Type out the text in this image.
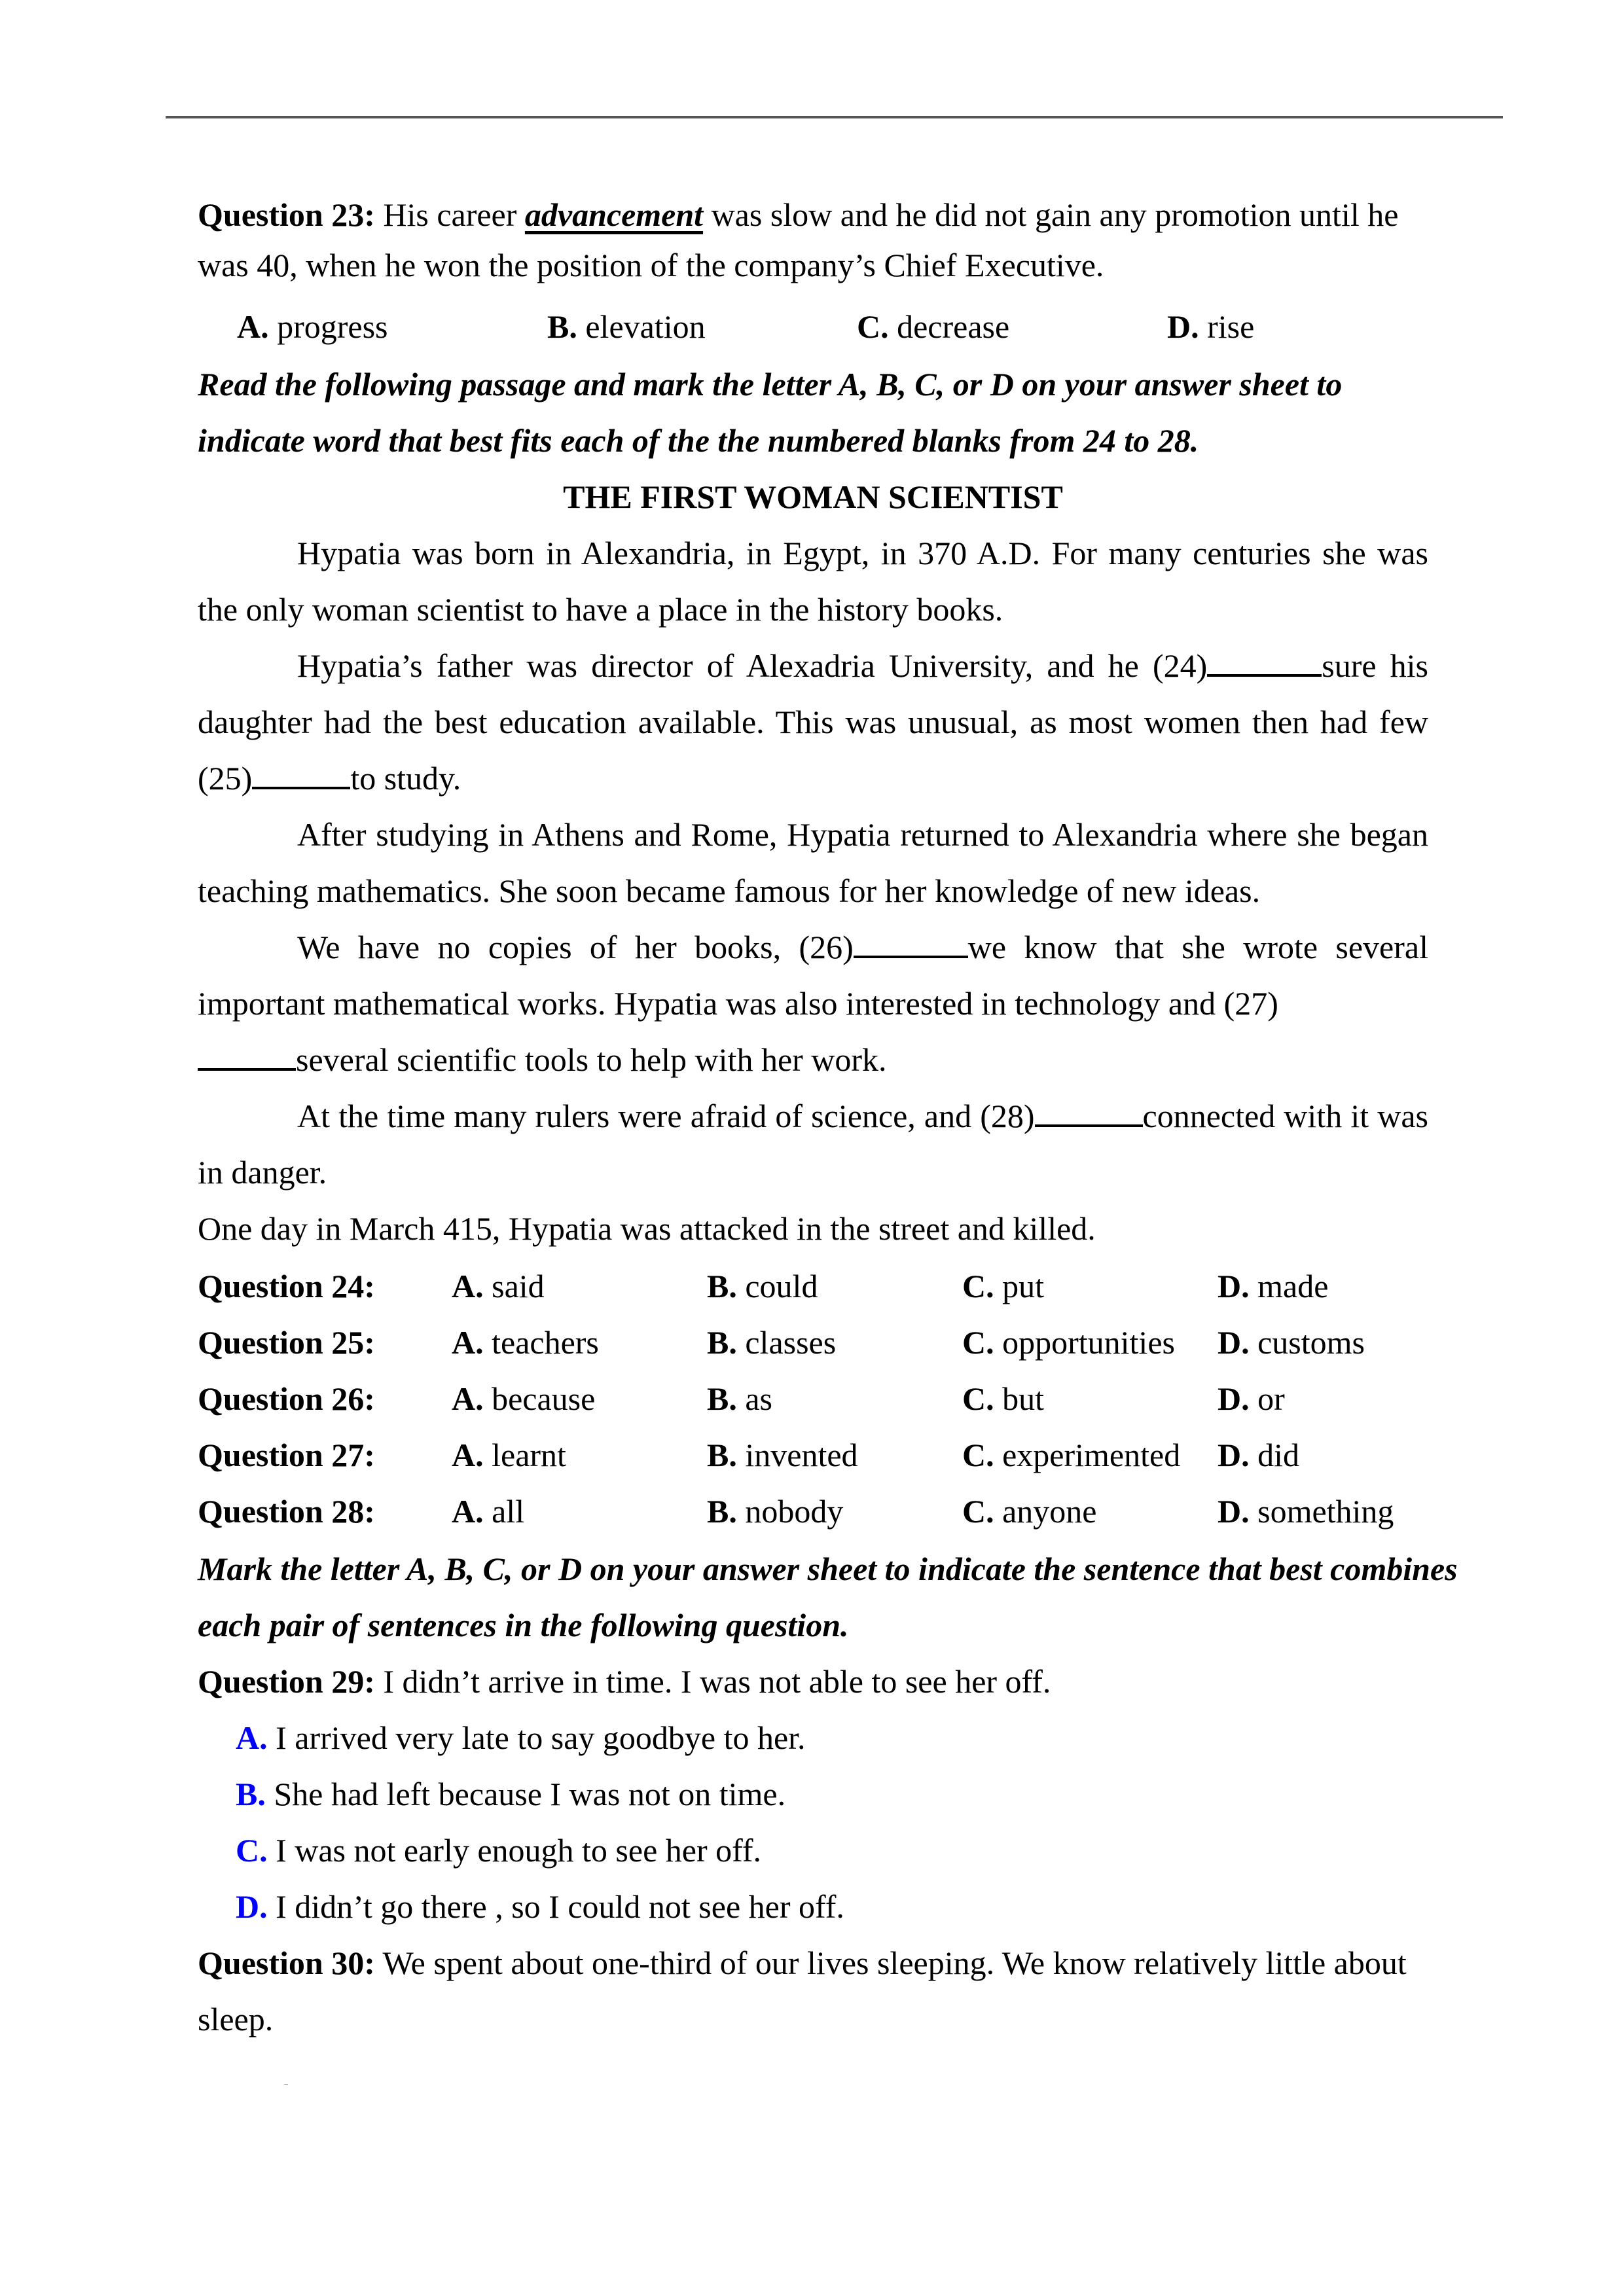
Question 23: His career advancement was slow and he did not gain any promotion until he
was 40, when he won the position of the company’s Chief Executive.
A. progress	B. elevation	C. decrease	D. rise
Read the following passage and mark the letter A, B, C, or D on your answer sheet to
indicate word that best fits each of the the numbered blanks from 24 to 28.
THE FIRST WOMAN SCIENTIST
Hypatia was born in Alexandria, in Egypt, in 370 A.D. For many centuries she was
the only woman scientist to have a place in the history books.
Hypatia’s father was director of Alexadria University, and he (24)	sure his
daughter had the best education available. This was unusual, as most women then had few
(25)	to study.
After studying in Athens and Rome, Hypatia returned to Alexandria where she began
teaching mathematics. She soon became famous for her knowledge of new ideas.
We have no copies of her books, (26)	we know that she wrote several
important mathematical works. Hypatia was also interested in technology and (27)
several scientific tools to help with her work.
At the time many rulers were afraid of science, and (28)	connected with it was
in danger.
One day in March 415, Hypatia was attacked in the street and killed.
Question 24: A. said	B. could	C. put	D. made
Question 25: A. teachers	B. classes	C. opportunities D. customs
Question 26: A. because	B. as	C. but	D. or
Question 27: A. learnt	B. invented	C. experimented D. did
Question 28: A. all	B. nobody	C. anyone	D. something
Mark the letter A, B, C, or D on your answer sheet to indicate the sentence that best combines
each pair of sentences in the following question.
Question 29: I didn’t arrive in time. I was not able to see her off.
A. I arrived very late to say goodbye to her.
B. She had left because I was not on time.
C. I was not early enough to see her off.
D. I didn’t go there , so I could not see her off.
Question 30: We spent about one-third of our lives sleeping. We know relatively little about
sleep.
